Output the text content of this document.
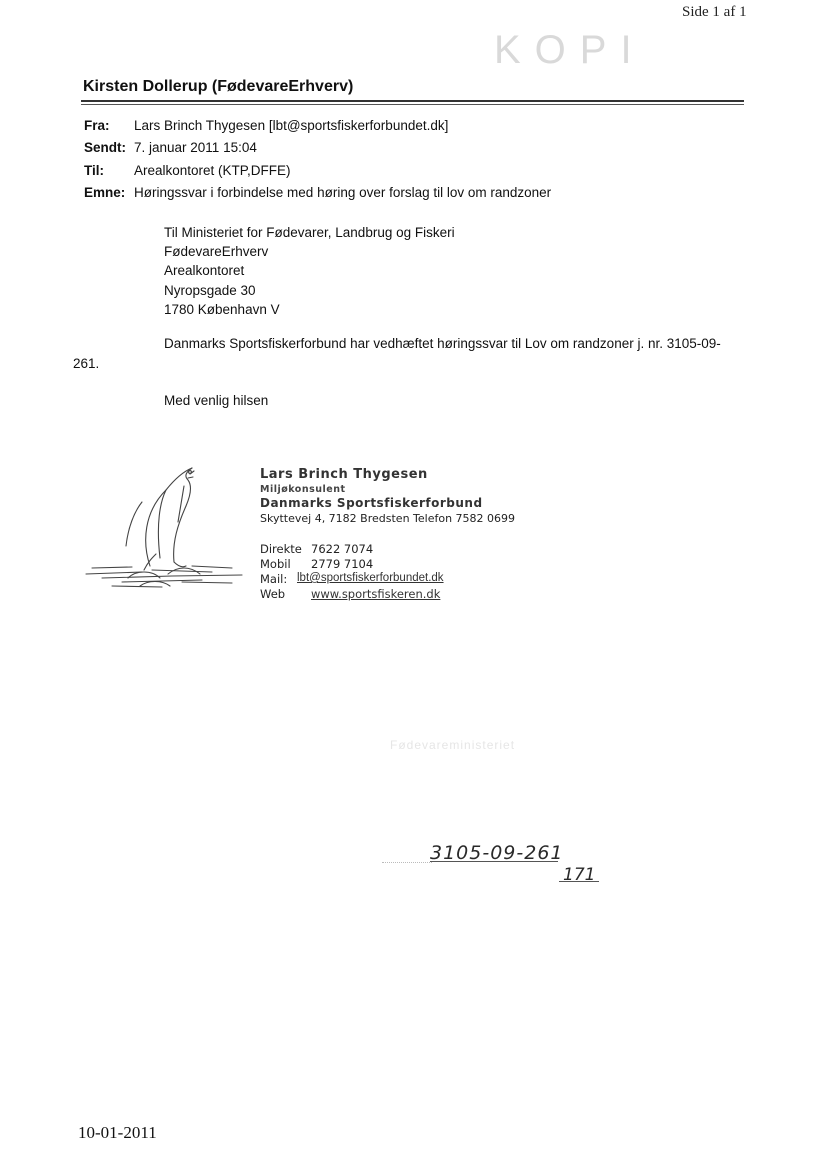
Side 1 af 1
KOPI
Kirsten Dollerup (FødevareErhverv)
Fra: Lars Brinch Thygesen [lbt@sportsfiskerforbundet.dk]
Sendt: 7. januar 2011 15:04
Til: Arealkontoret (KTP,DFFE)
Emne: Høringssvar i forbindelse med høring over forslag til lov om randzoner
Til Ministeriet for Fødevarer, Landbrug og Fiskeri
FødevareErhverv
Arealkontoret
Nyropsgade 30
1780 København V
Danmarks Sportsfiskerforbund har vedhæftet høringssvar til Lov om randzoner j. nr. 3105-09-
261.
Med venlig hilsen
Lars Brinch Thygesen
Miljøkonsulent
Danmarks Sportsfiskerforbund
Skyttevej 4, 7182 Bredsten Telefon 7582 0699
Direkte 7622 7074
Mobil 2779 7104
Mail: lbt@sportsfiskerforbundet.dk
Web www.sportsfiskeren.dk
Fødevareministeriet
3105-09-261
171
10-01-2011
